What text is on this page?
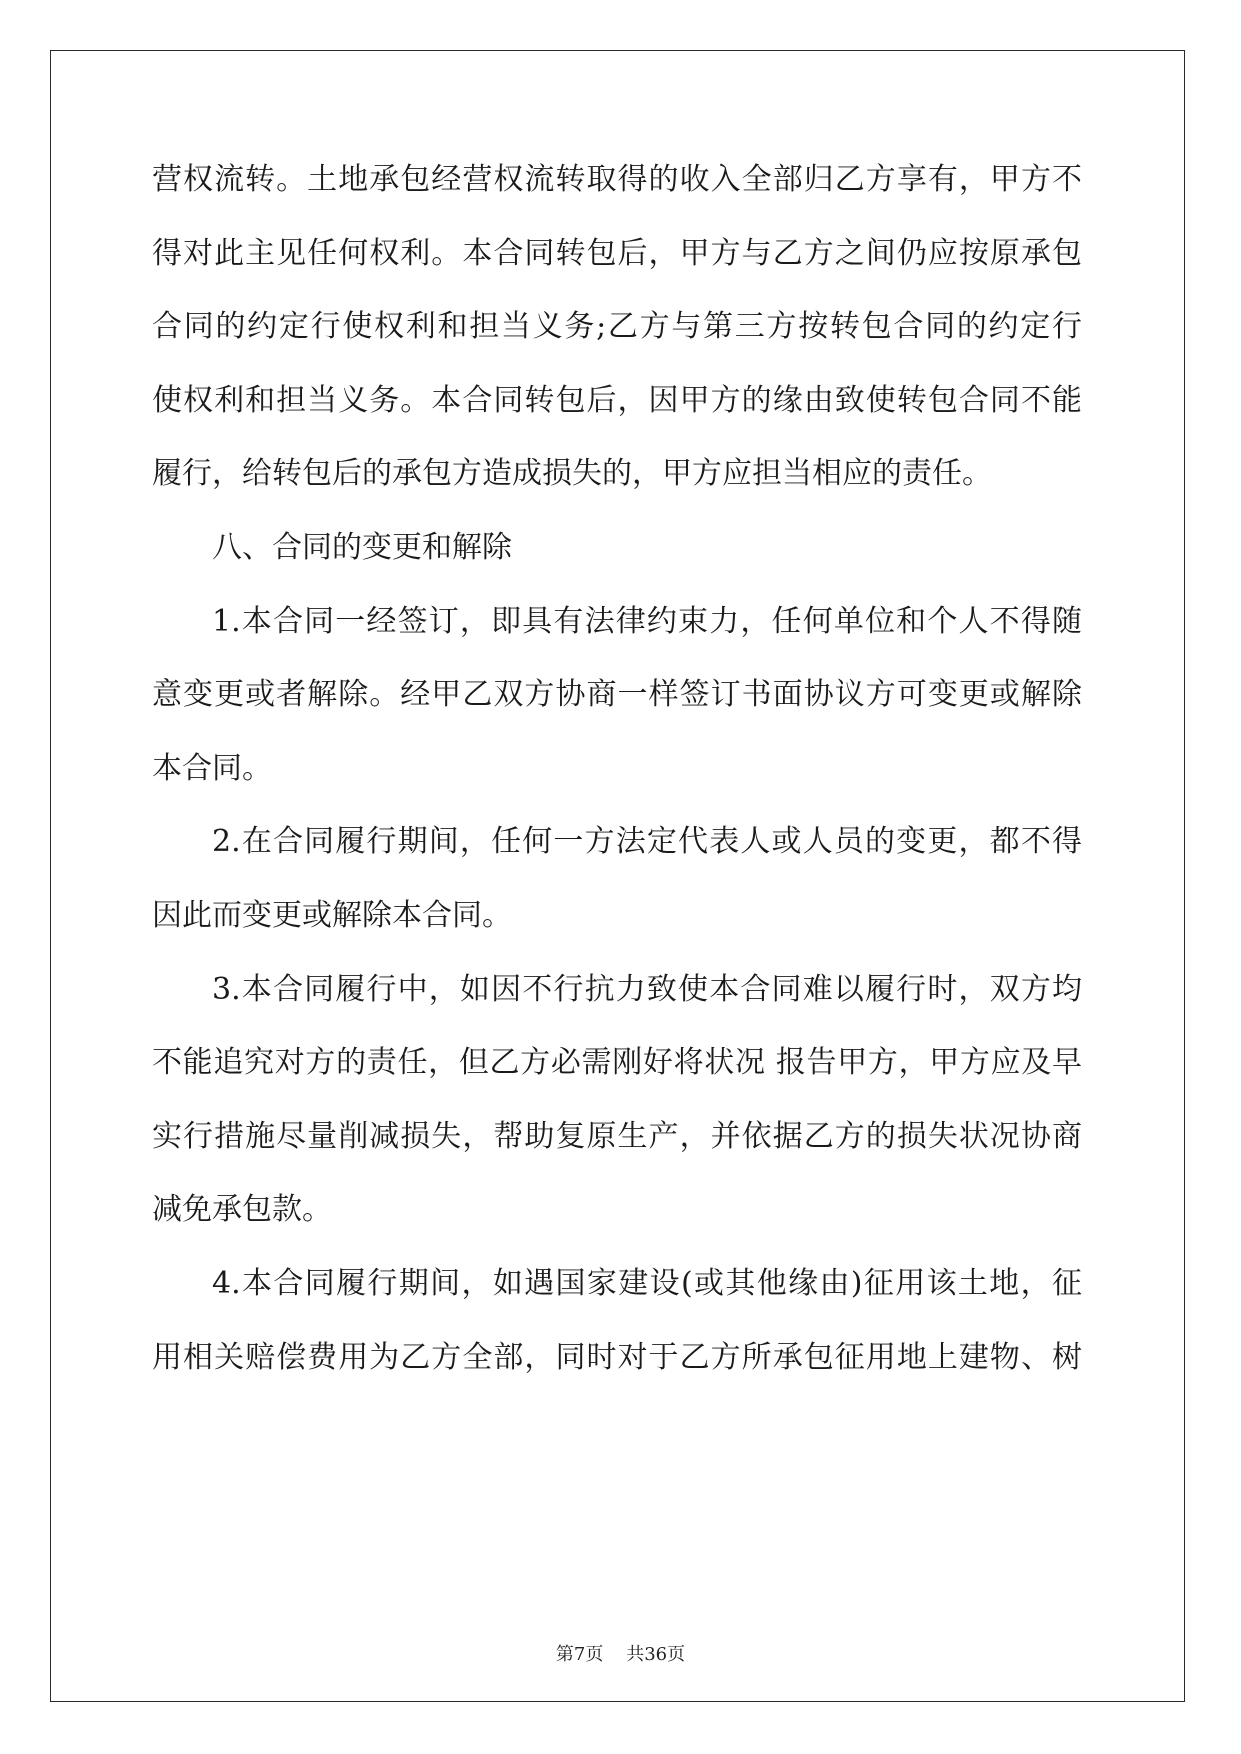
营权流转。土地承包经营权流转取得的收入全部归乙方享有，甲方不
得对此主见任何权利。本合同转包后，甲方与乙方之间仍应按原承包
合同的约定行使权利和担当义务;乙方与第三方按转包合同的约定行
使权利和担当义务。本合同转包后，因甲方的缘由致使转包合同不能
履行，给转包后的承包方造成损失的，甲方应担当相应的责任。
八、合同的变更和解除
1.本合同一经签订，即具有法律约束力，任何单位和个人不得随
意变更或者解除。经甲乙双方协商一样签订书面协议方可变更或解除
本合同。
2.在合同履行期间，任何一方法定代表人或人员的变更，都不得
因此而变更或解除本合同。
3.本合同履行中，如因不行抗力致使本合同难以履行时，双方均
不能追究对方的责任，但乙方必需刚好将状况 报告甲方，甲方应及早
实行措施尽量削减损失，帮助复原生产，并依据乙方的损失状况协商
减免承包款。
4.本合同履行期间，如遇国家建设(或其他缘由)征用该土地，征
用相关赔偿费用为乙方全部，同时对于乙方所承包征用地上建物、树
第7页 共36页
